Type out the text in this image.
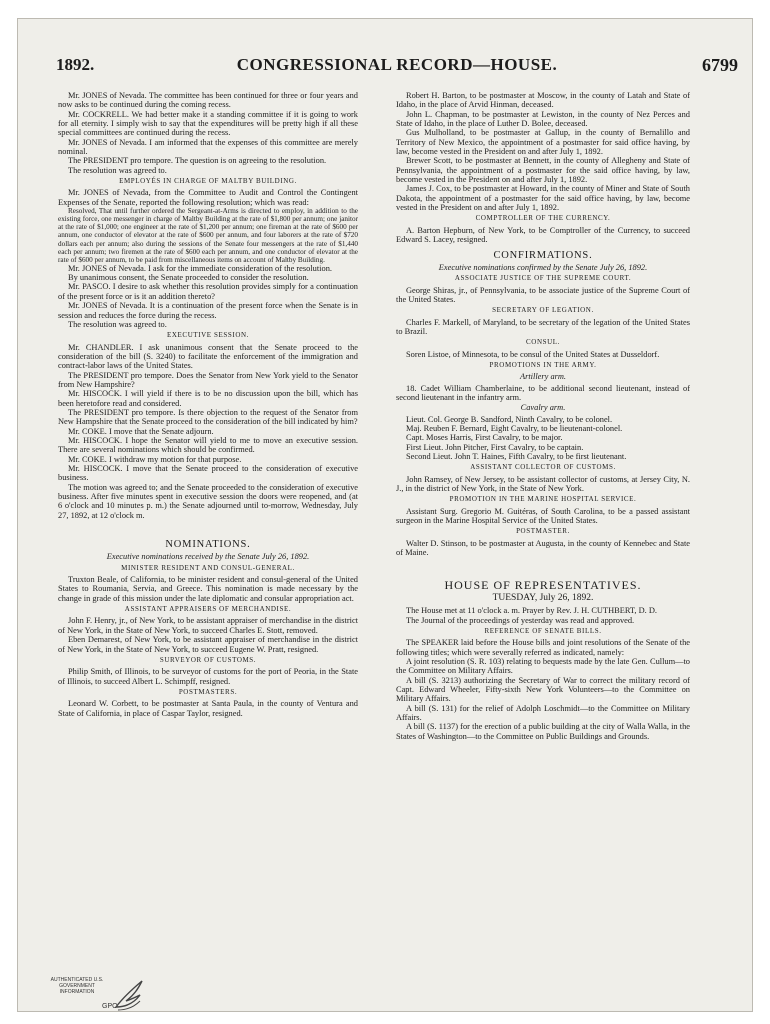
1892.	CONGRESSIONAL RECORD—HOUSE.	6799

Mr. JONES of Nevada. The committee has been continued for three or four years and now asks to be continued during the coming recess.

Mr. COCKRELL. We had better make it a standing committee if it is going to work for all eternity. I simply wish to say that the expenditures will be pretty high if all these special committees are continued during the recess.

Mr. JONES of Nevada. I am informed that the expenses of this committee are merely nominal.

The PRESIDENT pro tempore. The question is on agreeing to the resolution.

The resolution was agreed to.

EMPLOYÉS IN CHARGE OF MALTBY BUILDING.

Mr. JONES of Nevada, from the Committee to Audit and Control the Contingent Expenses of the Senate, reported the following resolution; which was read:

Resolved, That until further ordered the Sergeant-at-Arms is directed to employ, in addition to the existing force, one messenger in charge of Maltby Building at the rate of $1,800 per annum; one janitor at the rate of $1,000; one engineer at the rate of $1,200 per annum; one fireman at the rate of $600 per annum, one conductor of elevator at the rate of $600 per annum, and four laborers at the rate of $720 dollars each per annum; also during the sessions of the Senate four messengers at the rate of $1,440 each per annum; two firemen at the rate of $600 each per annum, and one conductor of elevator at the rate of $600 per annum, to be paid from miscellaneous items on account of Maltby Building.

Mr. JONES of Nevada. I ask for the immediate consideration of the resolution.

By unanimous consent, the Senate proceeded to consider the resolution.

Mr. PASCO. I desire to ask whether this resolution provides simply for a continuation of the present force or is it an addition thereto?

Mr. JONES of Nevada. It is a continuation of the present force when the Senate is in session and reduces the force during the recess.

The resolution was agreed to.

EXECUTIVE SESSION.

Mr. CHANDLER. I ask unanimous consent that the Senate proceed to the consideration of the bill (S. 3240) to facilitate the enforcement of the immigration and contract-labor laws of the United States.

The PRESIDENT pro tempore. Does the Senator from New York yield to the Senator from New Hampshire?

Mr. HISCOCK. I will yield if there is to be no discussion upon the bill, which has been heretofore read and considered.

The PRESIDENT pro tempore. Is there objection to the request of the Senator from New Hampshire that the Senate proceed to the consideration of the bill indicated by him?

Mr. COKE. I move that the Senate adjourn.

Mr. HISCOCK. I hope the Senator will yield to me to move an executive session. There are several nominations which should be confirmed.

Mr. COKE. I withdraw my motion for that purpose.

Mr. HISCOCK. I move that the Senate proceed to the consideration of executive business.

The motion was agreed to; and the Senate proceeded to the consideration of executive business. After five minutes spent in executive session the doors were reopened, and (at 6 o'clock and 10 minutes p. m.) the Senate adjourned until to-morrow, Wednesday, July 27, 1892, at 12 o'clock m.

NOMINATIONS.
Executive nominations received by the Senate July 26, 1892.
MINISTER RESIDENT AND CONSUL-GENERAL.

Truxton Beale, of California, to be minister resident and consul-general of the United States to Roumania, Servia, and Greece. This nomination is made necessary by the change in grade of this mission under the late diplomatic and consular appropriation act.

ASSISTANT APPRAISERS OF MERCHANDISE.

John F. Henry, jr., of New York, to be assistant appraiser of merchandise in the district of New York, in the State of New York, to succeed Charles E. Stott, removed.

Eben Demarest, of New York, to be assistant appraiser of merchandise in the district of New York, in the State of New York, to succeed Eugene W. Pratt, resigned.

SURVEYOR OF CUSTOMS.

Philip Smith, of Illinois, to be surveyor of customs for the port of Peoria, in the State of Illinois, to succeed Albert L. Schimpff, resigned.

POSTMASTERS.

Leonard W. Corbett, to be postmaster at Santa Paula, in the county of Ventura and State of California, in place of Caspar Taylor, resigned.

Robert H. Barton, to be postmaster at Moscow, in the county of Latah and State of Idaho, in the place of Arvid Hinman, deceased.

John L. Chapman, to be postmaster at Lewiston, in the county of Nez Perces and State of Idaho, in the place of Luther D. Bolee, deceased.

Gus Mulholland, to be postmaster at Gallup, in the county of Bernalillo and Territory of New Mexico, the appointment of a postmaster for said office having, by law, become vested in the President on and after July 1, 1892.

Brewer Scott, to be postmaster at Bennett, in the county of Allegheny and State of Pennsylvania, the appointment of a postmaster for the said office having, by law, become vested in the President on and after July 1, 1892.

James J. Cox, to be postmaster at Howard, in the county of Miner and State of South Dakota, the appointment of a postmaster for the said office having, by law, become vested in the President on and after July 1, 1892.

COMPTROLLER OF THE CURRENCY.

A. Barton Hepburn, of New York, to be Comptroller of the Currency, to succeed Edward S. Lacey, resigned.

CONFIRMATIONS.
Executive nominations confirmed by the Senate July 26, 1892.
ASSOCIATE JUSTICE OF THE SUPREME COURT.

George Shiras, jr., of Pennsylvania, to be associate justice of the Supreme Court of the United States.

SECRETARY OF LEGATION.

Charles F. Markell, of Maryland, to be secretary of the legation of the United States to Brazil.

CONSUL.

Soren Listoe, of Minnesota, to be consul of the United States at Dusseldorf.

PROMOTIONS IN THE ARMY.
Artillery arm.

18. Cadet William Chamberlaine, to be additional second lieutenant, instead of second lieutenant in the infantry arm.

Cavalry arm.

Lieut. Col. George B. Sandford, Ninth Cavalry, to be colonel.

Maj. Reuben F. Bernard, Eight Cavalry, to be lieutenant-colonel.

Capt. Moses Harris, First Cavalry, to be major.

First Lieut. John Pitcher, First Cavalry, to be captain.

Second Lieut. John T. Haines, Fifth Cavalry, to be first lieutenant.

ASSISTANT COLLECTOR OF CUSTOMS.

John Ramsey, of New Jersey, to be assistant collector of customs, at Jersey City, N. J., in the district of New York, in the State of New York.

PROMOTION IN THE MARINE HOSPITAL SERVICE.

Assistant Surg. Gregorio M. Guitéras, of South Carolina, to be a passed assistant surgeon in the Marine Hospital Service of the United States.

POSTMASTER.

Walter D. Stinson, to be postmaster at Augusta, in the county of Kennebec and State of Maine.

HOUSE OF REPRESENTATIVES.
TUESDAY, July 26, 1892.

The House met at 11 o'clock a. m. Prayer by Rev. J. H. CUTHBERT, D. D.

The Journal of the proceedings of yesterday was read and approved.

REFERENCE OF SENATE BILLS.

The SPEAKER laid before the House bills and joint resolutions of the Senate of the following titles; which were severally referred as indicated, namely:

A joint resolution (S. R. 103) relating to bequests made by the late Gen. Cullum—to the Committee on Military Affairs.

A bill (S. 3213) authorizing the Secretary of War to correct the military record of Capt. Edward Wheeler, Fifty-sixth New York Volunteers—to the Committee on Military Affairs.

A bill (S. 131) for the relief of Adolph Loschmidt—to the Committee on Military Affairs.

A bill (S. 1137) for the erection of a public building at the city of Walla Walla, in the States of Washington—to the Committee on Public Buildings and Grounds.

AUTHENTICATED U.S. GOVERNMENT INFORMATION
GPO
